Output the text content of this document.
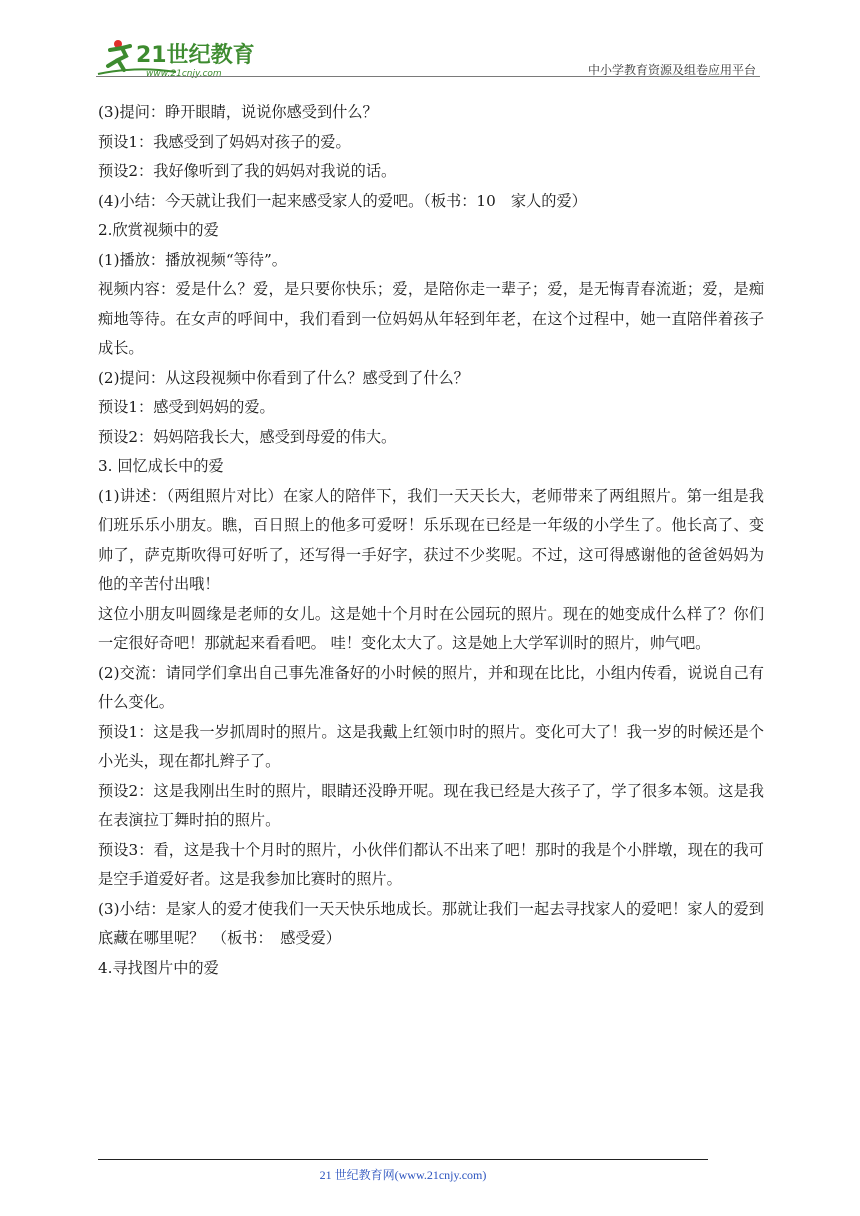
21世纪教育
www.21cnjy.com	中小学教育资源及组卷应用平台

(3)提问：睁开眼睛，说说你感受到什么？

预设1：我感受到了妈妈对孩子的爱。

预设2：我好像听到了我的妈妈对我说的话。

(4)小结：今天就让我们一起来感受家人的爱吧。（板书：10　家人的爱）

2.欣赏视频中的爱

(1)播放：播放视频“等待”。

视频内容：爱是什么？爱，是只要你快乐；爱，是陪你走一辈子；爱，是无悔青春流逝；爱，是痴痴地等待。在女声的呼间中，我们看到一位妈妈从年轻到年老，在这个过程中，她一直陪伴着孩子成长。

(2)提问：从这段视频中你看到了什么？感受到了什么？

预设1：感受到妈妈的爱。

预设2：妈妈陪我长大，感受到母爱的伟大。

3. 回忆成长中的爱

(1)讲述：（两组照片对比）在家人的陪伴下，我们一天天长大，老师带来了两组照片。第一组是我们班乐乐小朋友。瞧，百日照上的他多可爱呀！乐乐现在已经是一年级的小学生了。他长高了、变帅了，萨克斯吹得可好听了，还写得一手好字，获过不少奖呢。不过，这可得感谢他的爸爸妈妈为他的辛苦付出哦！

这位小朋友叫圆缘是老师的女儿。这是她十个月时在公园玩的照片。现在的她变成什么样了？你们一定很好奇吧！那就起来看看吧。 哇！变化太大了。这是她上大学军训时的照片，帅气吧。

(2)交流：请同学们拿出自己事先准备好的小时候的照片，并和现在比比，小组内传看，说说自己有什么变化。

预设1：这是我一岁抓周时的照片。这是我戴上红领巾时的照片。变化可大了！我一岁的时候还是个小光头，现在都扎辫子了。

预设2：这是我刚出生时的照片，眼睛还没睁开呢。现在我已经是大孩子了，学了很多本领。这是我在表演拉丁舞时拍的照片。

预设3：看，这是我十个月时的照片，小伙伴们都认不出来了吧！那时的我是个小胖墩，现在的我可是空手道爱好者。这是我参加比赛时的照片。

(3)小结：是家人的爱才使我们一天天快乐地成长。那就让我们一起去寻找家人的爱吧！家人的爱到底藏在哪里呢？　（板书：　感受爱）

4.寻找图片中的爱

21 世纪教育网(www.21cnjy.com)
